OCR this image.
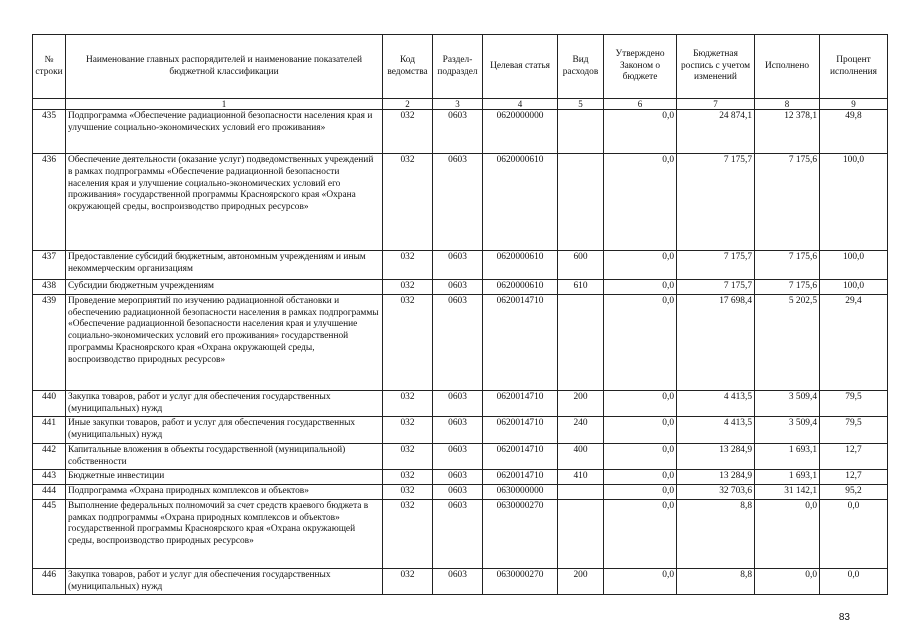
№ строки	Наименование главных распорядителей и наименование показателей бюджетной классификации	Код ведомства	Раздел-подраздел	Целевая статья	Вид расходов	Утверждено Законом о бюджете	Бюджетная роспись с учетом изменений	Исполнено	Процент исполнения
	1	2	3	4	5	6	7	8	9
435	Подпрограмма «Обеспечение радиационной безопасности населения края и улучшение социально-экономических условий его проживания»	032	0603	0620000000		0,0	24 874,1	12 378,1	49,8
436	Обеспечение деятельности (оказание услуг) подведомственных учреждений в рамках подпрограммы «Обеспечение радиационной безопасности населения края и улучшение социально-экономических условий его проживания» государственной программы Красноярского края «Охрана окружающей среды, воспроизводство природных ресурсов»	032	0603	0620000610		0,0	7 175,7	7 175,6	100,0
437	Предоставление субсидий бюджетным, автономным учреждениям и иным некоммерческим организациям	032	0603	0620000610	600	0,0	7 175,7	7 175,6	100,0
438	Субсидии бюджетным учреждениям	032	0603	0620000610	610	0,0	7 175,7	7 175,6	100,0
439	Проведение мероприятий по изучению радиационной обстановки и обеспечению радиационной безопасности населения в рамках подпрограммы «Обеспечение радиационной безопасности населения края и улучшение социально-экономических условий его проживания» государственной программы Красноярского края «Охрана окружающей среды, воспроизводство природных ресурсов»	032	0603	0620014710		0,0	17 698,4	5 202,5	29,4
440	Закупка товаров, работ и услуг для обеспечения государственных (муниципальных) нужд	032	0603	0620014710	200	0,0	4 413,5	3 509,4	79,5
441	Иные закупки товаров, работ и услуг для обеспечения государственных (муниципальных) нужд	032	0603	0620014710	240	0,0	4 413,5	3 509,4	79,5
442	Капитальные вложения в объекты государственной (муниципальной) собственности	032	0603	0620014710	400	0,0	13 284,9	1 693,1	12,7
443	Бюджетные инвестиции	032	0603	0620014710	410	0,0	13 284,9	1 693,1	12,7
444	Подпрограмма «Охрана природных комплексов и объектов»	032	0603	0630000000		0,0	32 703,6	31 142,1	95,2
445	Выполнение федеральных полномочий за счет средств краевого бюджета в рамках подпрограммы «Охрана природных комплексов и объектов» государственной программы Красноярского края «Охрана окружающей среды, воспроизводство природных ресурсов»	032	0603	0630000270		0,0	8,8	0,0	0,0
446	Закупка товаров, работ и услуг для обеспечения государственных (муниципальных) нужд	032	0603	0630000270	200	0,0	8,8	0,0	0,0
83
